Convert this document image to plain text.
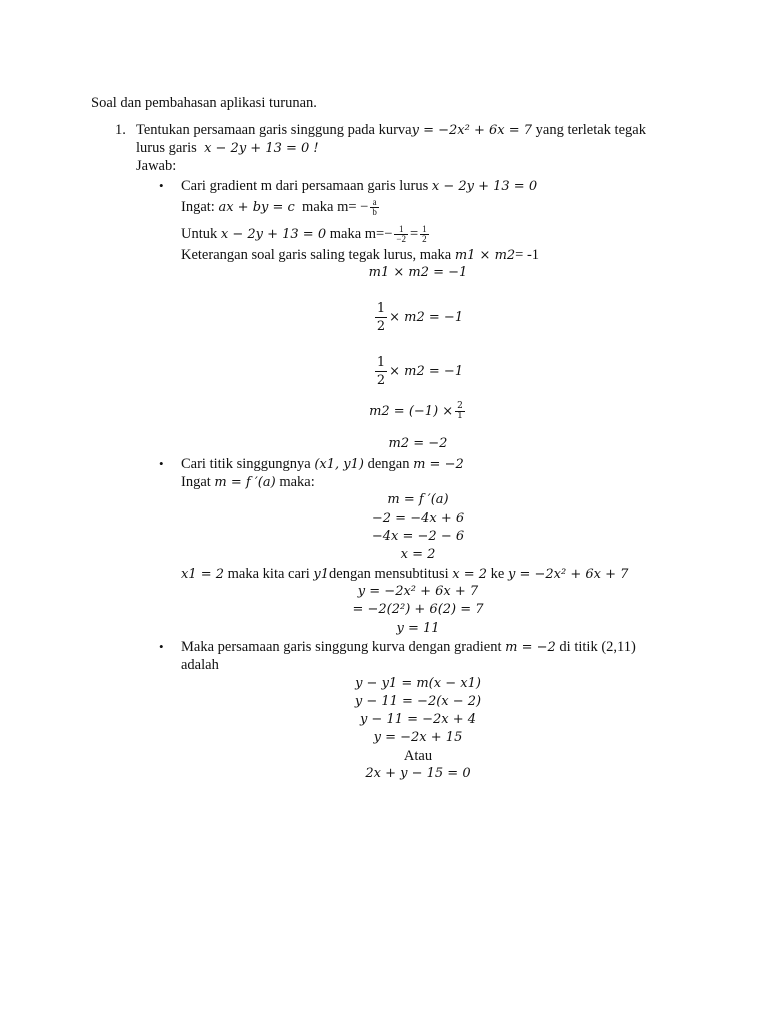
Soal dan pembahasan aplikasi turunan.
1. Tentukan persamaan garis singgung pada kurvay = −2x² + 6x = 7 yang terletak tegak
lurus garis x − 2y + 13 = 0 !
Jawab:
• Cari gradient m dari persamaan garis lurus x − 2y + 13 = 0
Ingat: ax + by = c maka $m= - \frac{a}{b}$
Untuk x − 2y + 13 = 0 maka $m=- \frac{1}{-2} = \frac{1}{2}$
Keterangan soal garis saling tegak lurus, maka m1 × m2= -1
m1 × m2 = −1
$\frac{1}{2} \times m2 = -1$
$\frac{1}{2} \times m2 = -1$
$m2 = (-1) \times \frac{2}{1}$
m2 = −2
• Cari titik singgungnya (x1, y1) dengan m = −2
Ingat m = f ′(a) maka:
m = f ′(a)
−2 = −4x + 6
−4x = −2 − 6
x = 2
x1 = 2 maka kita cari y1dengan mensubtitusi x = 2 ke y = −2x² + 6x + 7
y = −2x² + 6x + 7
= −2(2²) + 6(2) = 7
y = 11
• Maka persamaan garis singgung kurva dengan gradient m = −2 di titik (2,11)
adalah
y − y1 = m(x − x1)
y − 11 = −2(x − 2)
y − 11 = −2x + 4
y = −2x + 15
Atau
2x + y − 15 = 0
